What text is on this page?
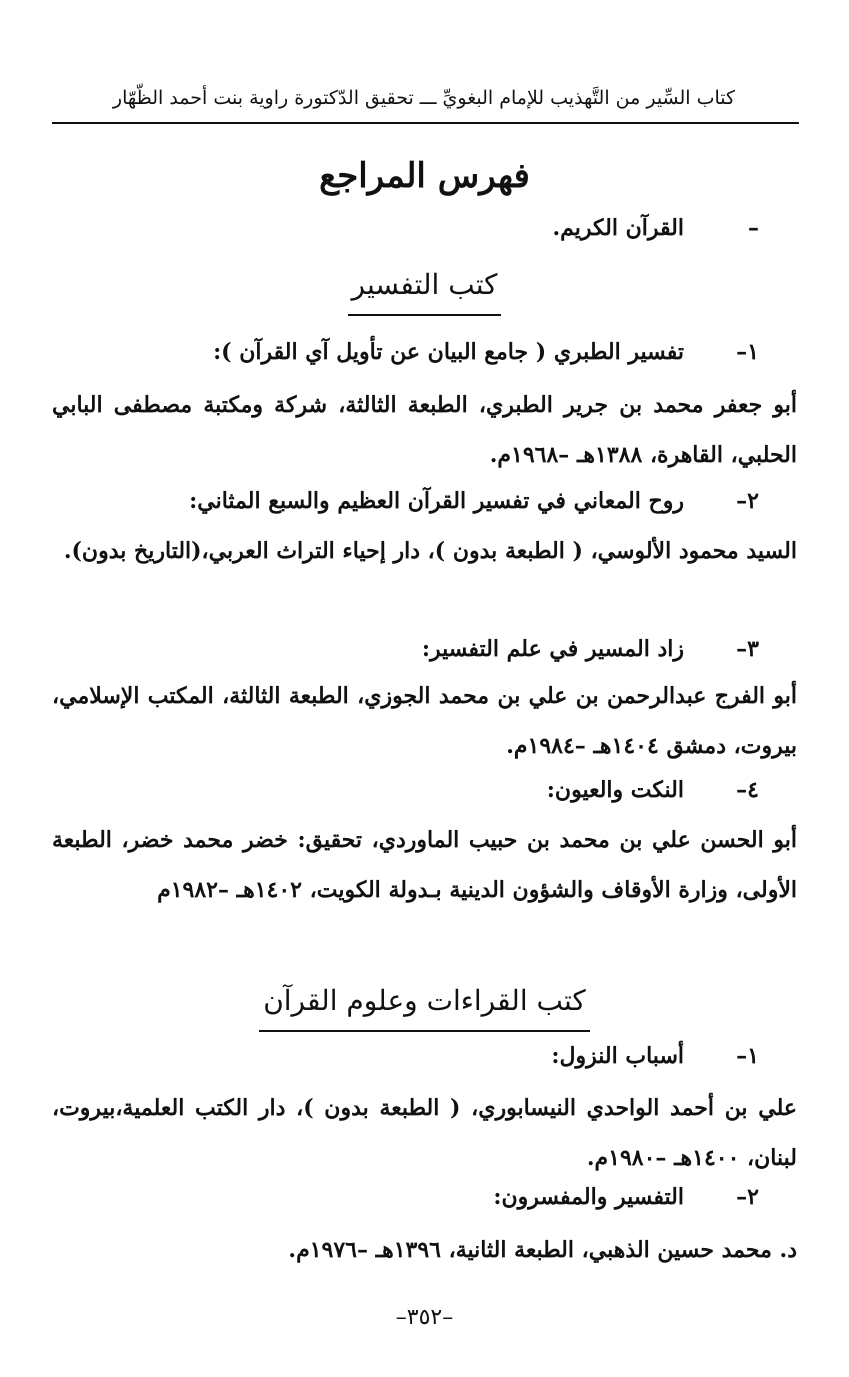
كتاب السِّير من التَّهذيب للإمام البغويِّ ـــ تحقيق الدّكتورة راوية بنت أحمد الظّهّار
فهرس المراجع
–
القرآن الكريم.
كتب التفسير
١–
تفسير الطبري ( جامع البيان عن تأويل آي القرآن ):
أبو جعفر محمد بن جرير الطبري، الطبعة الثالثة، شركة ومكتبة مصطفى البابي الحلبي، القاهرة، ١٣٨٨هـ –١٩٦٨م.
٢–
روح المعاني في تفسير القرآن العظيم والسبع المثاني:
السيد محمود الألوسي، ( الطبعة بدون )، دار إحياء التراث العربي،(التاريخ بدون).
٣–
زاد المسير في علم التفسير:
أبو الفرج عبدالرحمن بن علي بن محمد الجوزي، الطبعة الثالثة، المكتب الإسلامي، بيروت، دمشق ١٤٠٤هـ –١٩٨٤م.
٤–
النكت والعيون:
أبو الحسن علي بن محمد بن حبيب الماوردي، تحقيق: خضر محمد خضر، الطبعة الأولى، وزارة الأوقاف والشؤون الدينية بـدولة الكويت، ١٤٠٢هـ –١٩٨٢م
كتب القراءات وعلوم القرآن
١–
أسباب النزول:
علي بن أحمد الواحدي النيسابوري، ( الطبعة بدون )، دار الكتب العلمية،بيروت، لبنان، ١٤٠٠هـ –١٩٨٠م.
٢–
التفسير والمفسرون:
د. محمد حسين الذهبي، الطبعة الثانية، ١٣٩٦هـ –١٩٧٦م.
–٣٥٢–
